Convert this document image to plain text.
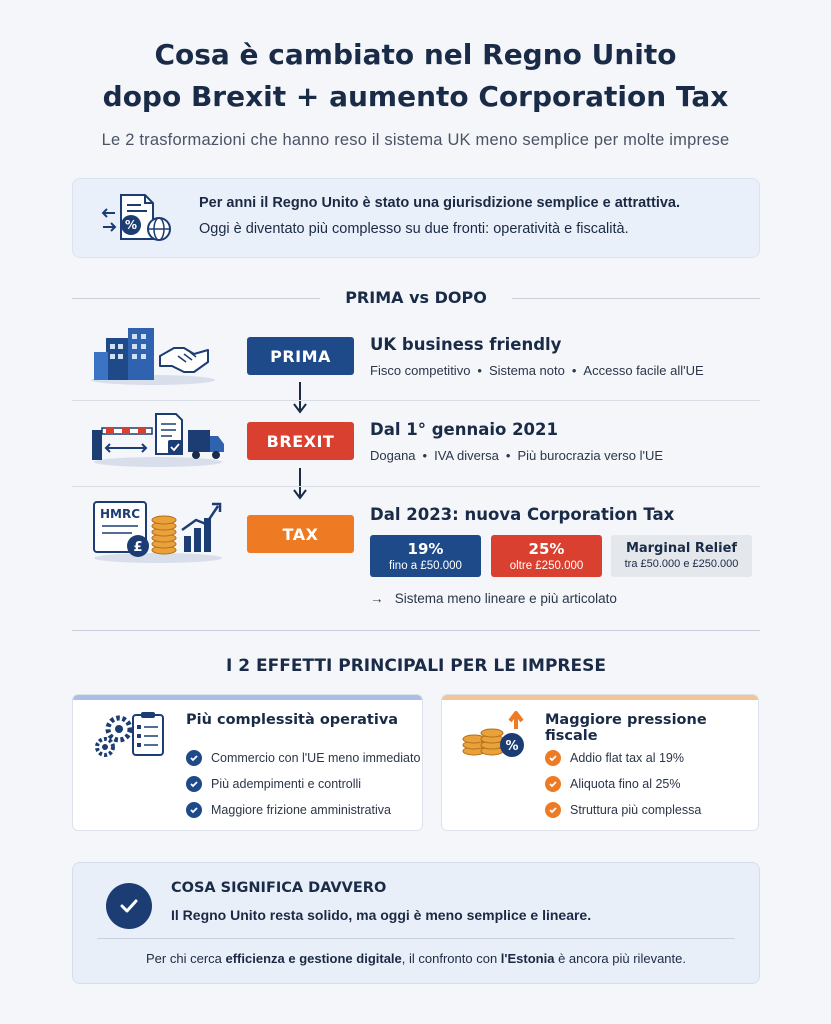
Cosa è cambiato nel Regno Unito
dopo Brexit + aumento Corporation Tax
Le 2 trasformazioni che hanno reso il sistema UK meno semplice per molte imprese
%
Per anni il Regno Unito è stato una giurisdizione semplice e attrattiva.
Oggi è diventato più complesso su due fronti: operatività e fiscalità.
PRIMA vs DOPO
PRIMA
UK business friendly
Fisco competitivo • Sistema noto • Accesso facile all'UE
BREXIT
Dal 1° gennaio 2021
Dogana • IVA diversa • Più burocrazia verso l'UE
HMRC
£
TAX
Dal 2023: nuova Corporation Tax
19%
fino a £50.000
25%
oltre £250.000
Marginal Relief
tra £50.000 e £250.000
→ Sistema meno lineare e più articolato
I 2 EFFETTI PRINCIPALI PER LE IMPRESE
Più complessità operativa
Commercio con l'UE meno immediato
Più adempimenti e controlli
Maggiore frizione amministrativa
%
Maggiore pressione fiscale
Addio flat tax al 19%
Aliquota fino al 25%
Struttura più complessa
COSA SIGNIFICA DAVVERO
Il Regno Unito resta solido, ma oggi è meno semplice e lineare.
Per chi cerca efficienza e gestione digitale, il confronto con l'Estonia è ancora più rilevante.
